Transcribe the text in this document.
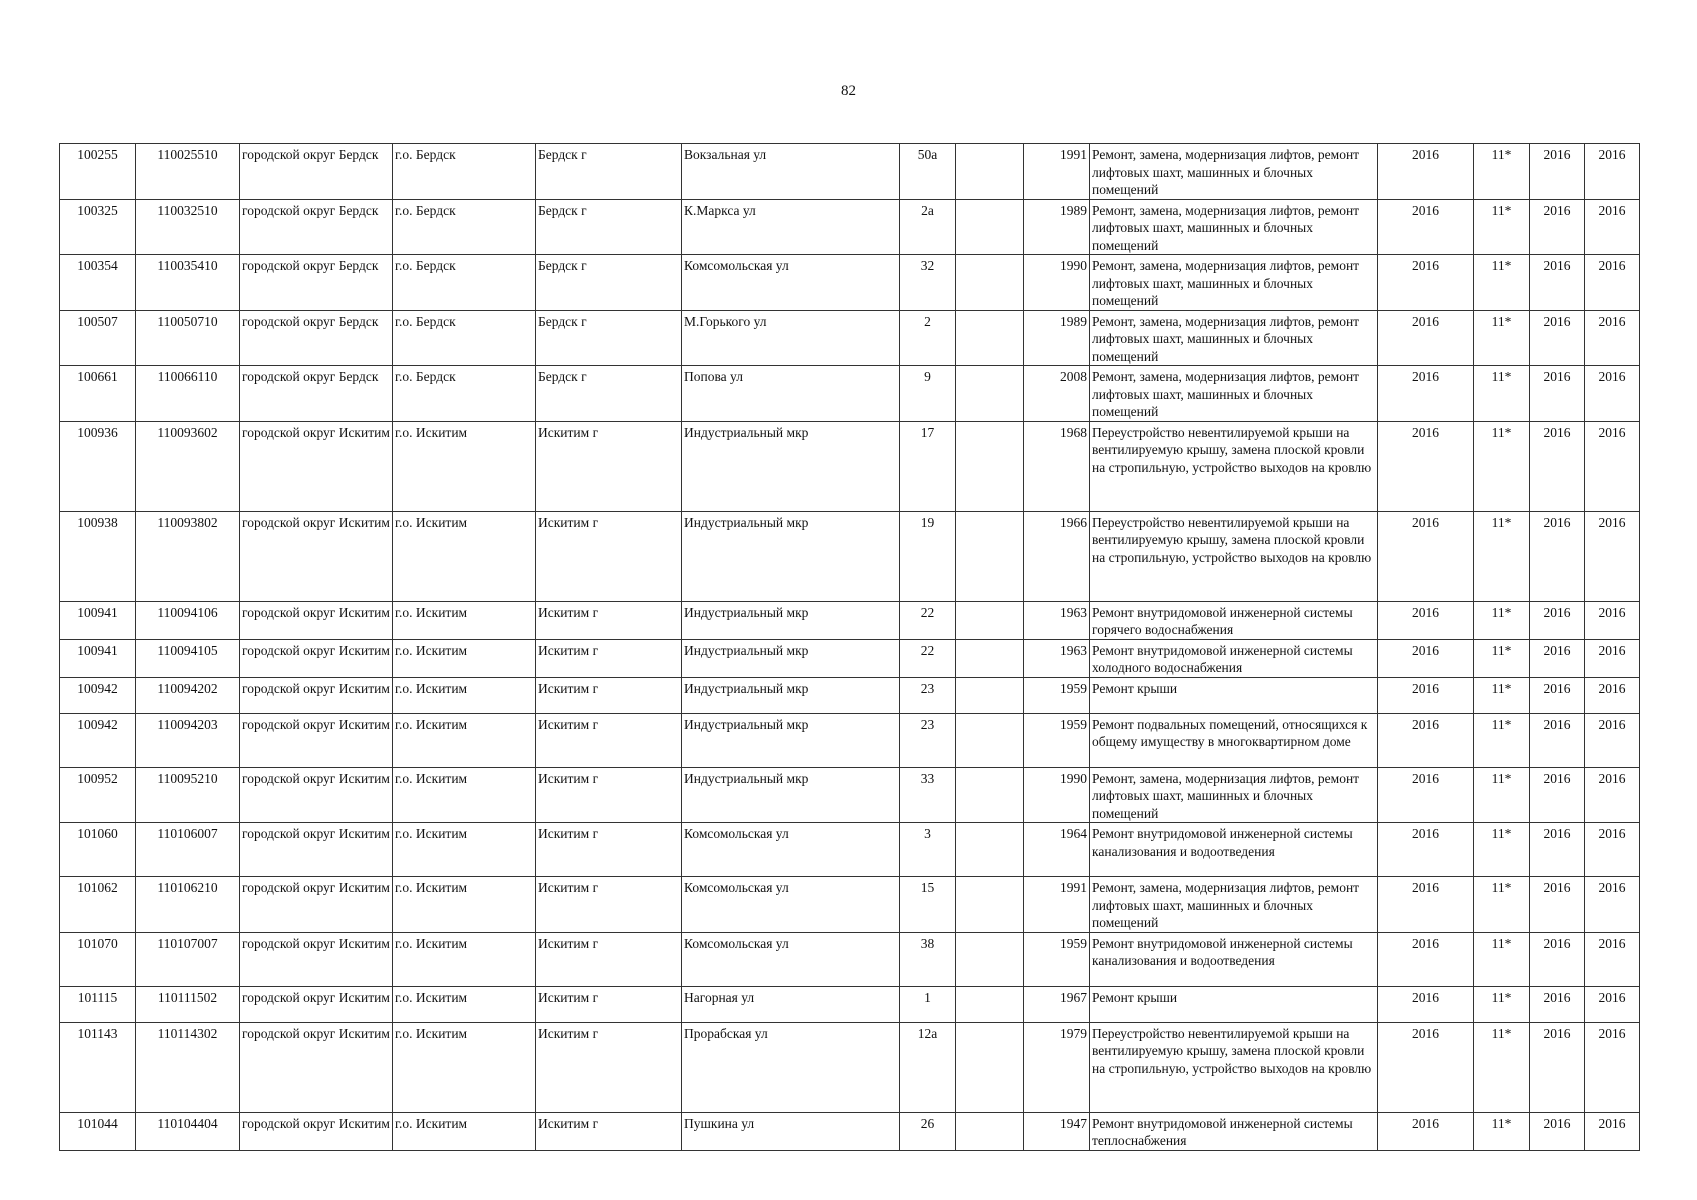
82
100255	110025510	городской округ Бердск	г.о. Бердск	Бердск г	Вокзальная ул	50а		1991	Ремонт, замена, модернизация лифтов, ремонт лифтовых шахт, машинных и блочных помещений	2016	11*	2016	2016
100325	110032510	городской округ Бердск	г.о. Бердск	Бердск г	К.Маркса ул	2а		1989	Ремонт, замена, модернизация лифтов, ремонт лифтовых шахт, машинных и блочных помещений	2016	11*	2016	2016
100354	110035410	городской округ Бердск	г.о. Бердск	Бердск г	Комсомольская ул	32		1990	Ремонт, замена, модернизация лифтов, ремонт лифтовых шахт, машинных и блочных помещений	2016	11*	2016	2016
100507	110050710	городской округ Бердск	г.о. Бердск	Бердск г	М.Горького ул	2		1989	Ремонт, замена, модернизация лифтов, ремонт лифтовых шахт, машинных и блочных помещений	2016	11*	2016	2016
100661	110066110	городской округ Бердск	г.о. Бердск	Бердск г	Попова ул	9		2008	Ремонт, замена, модернизация лифтов, ремонт лифтовых шахт, машинных и блочных помещений	2016	11*	2016	2016
100936	110093602	городской округ Искитим	г.о. Искитим	Искитим г	Индустриальный мкр	17		1968	Переустройство невентилируемой крыши на вентилируемую крышу, замена плоской кровли на стропильную, устройство выходов на кровлю	2016	11*	2016	2016
100938	110093802	городской округ Искитим	г.о. Искитим	Искитим г	Индустриальный мкр	19		1966	Переустройство невентилируемой крыши на вентилируемую крышу, замена плоской кровли на стропильную, устройство выходов на кровлю	2016	11*	2016	2016
100941	110094106	городской округ Искитим	г.о. Искитим	Искитим г	Индустриальный мкр	22		1963	Ремонт внутридомовой инженерной системы горячего водоснабжения	2016	11*	2016	2016
100941	110094105	городской округ Искитим	г.о. Искитим	Искитим г	Индустриальный мкр	22		1963	Ремонт внутридомовой инженерной системы холодного водоснабжения	2016	11*	2016	2016
100942	110094202	городской округ Искитим	г.о. Искитим	Искитим г	Индустриальный мкр	23		1959	Ремонт крыши	2016	11*	2016	2016
100942	110094203	городской округ Искитим	г.о. Искитим	Искитим г	Индустриальный мкр	23		1959	Ремонт подвальных помещений, относящихся к общему имуществу в многоквартирном доме	2016	11*	2016	2016
100952	110095210	городской округ Искитим	г.о. Искитим	Искитим г	Индустриальный мкр	33		1990	Ремонт, замена, модернизация лифтов, ремонт лифтовых шахт, машинных и блочных помещений	2016	11*	2016	2016
101060	110106007	городской округ Искитим	г.о. Искитим	Искитим г	Комсомольская ул	3		1964	Ремонт внутридомовой инженерной системы канализования и водоотведения	2016	11*	2016	2016
101062	110106210	городской округ Искитим	г.о. Искитим	Искитим г	Комсомольская ул	15		1991	Ремонт, замена, модернизация лифтов, ремонт лифтовых шахт, машинных и блочных помещений	2016	11*	2016	2016
101070	110107007	городской округ Искитим	г.о. Искитим	Искитим г	Комсомольская ул	38		1959	Ремонт внутридомовой инженерной системы канализования и водоотведения	2016	11*	2016	2016
101115	110111502	городской округ Искитим	г.о. Искитим	Искитим г	Нагорная ул	1		1967	Ремонт крыши	2016	11*	2016	2016
101143	110114302	городской округ Искитим	г.о. Искитим	Искитим г	Прорабская ул	12а		1979	Переустройство невентилируемой крыши на вентилируемую крышу, замена плоской кровли на стропильную, устройство выходов на кровлю	2016	11*	2016	2016
101044	110104404	городской округ Искитим	г.о. Искитим	Искитим г	Пушкина ул	26		1947	Ремонт внутридомовой инженерной системы теплоснабжения	2016	11*	2016	2016
